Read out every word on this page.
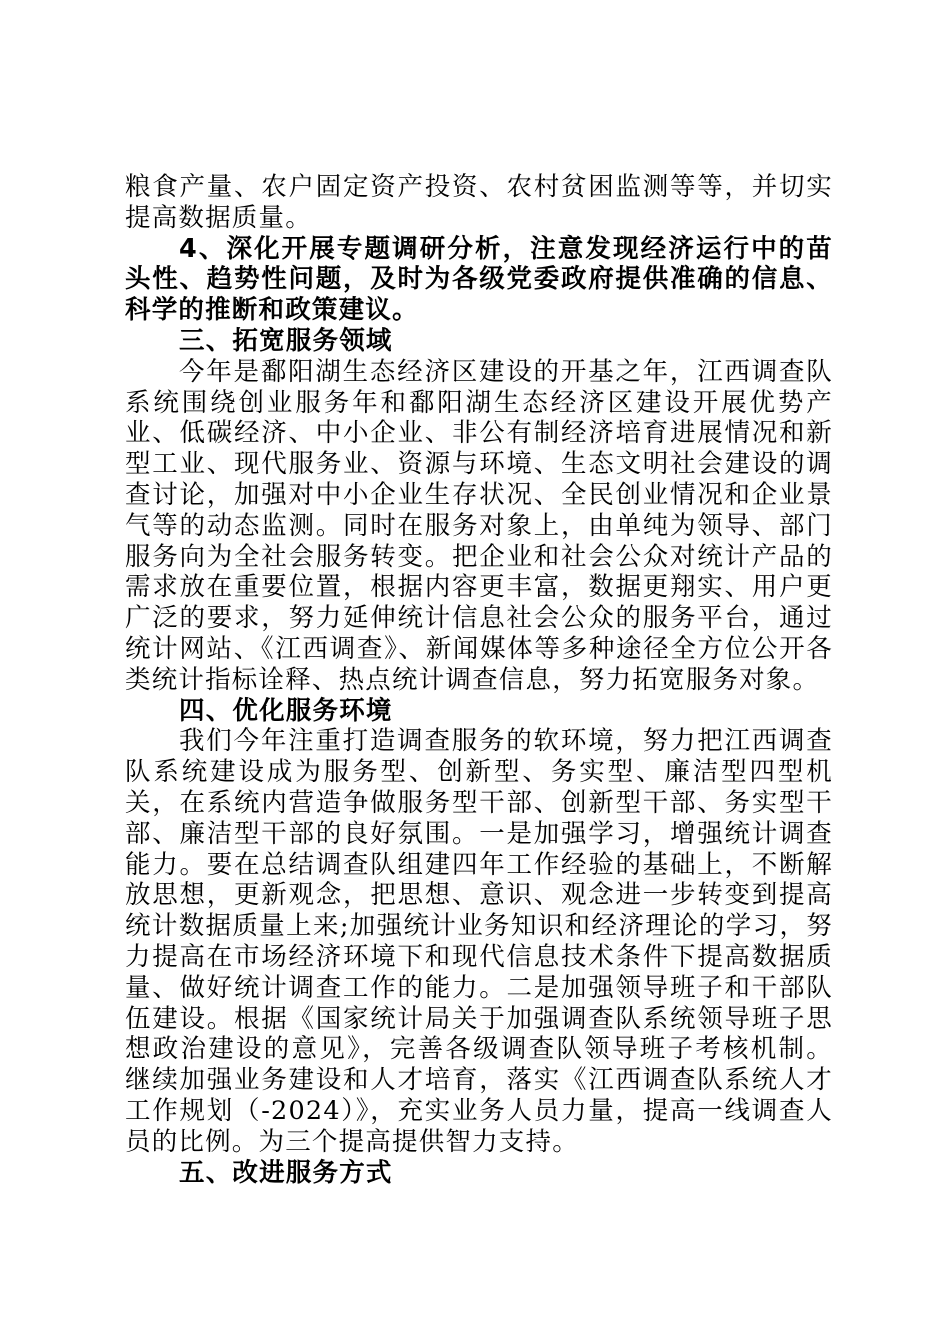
粮食产量、农户固定资产投资、农村贫困监测等等，并切实提高数据质量。

4、深化开展专题调研分析，注意发现经济运行中的苗头性、趋势性问题，及时为各级党委政府提供准确的信息、科学的推断和政策建议。

三、拓宽服务领域

今年是鄱阳湖生态经济区建设的开基之年，江西调查队系统围绕创业服务年和鄱阳湖生态经济区建设开展优势产业、低碳经济、中小企业、非公有制经济培育进展情况和新型工业、现代服务业、资源与环境、生态文明社会建设的调查讨论，加强对中小企业生存状况、全民创业情况和企业景气等的动态监测。同时在服务对象上，由单纯为领导、部门服务向为全社会服务转变。把企业和社会公众对统计产品的需求放在重要位置，根据内容更丰富，数据更翔实、用户更广泛的要求，努力延伸统计信息社会公众的服务平台，通过统计网站、《江西调查》、新闻媒体等多种途径全方位公开各类统计指标诠释、热点统计调查信息，努力拓宽服务对象。

四、优化服务环境

我们今年注重打造调查服务的软环境，努力把江西调查队系统建设成为服务型、创新型、务实型、廉洁型四型机关，在系统内营造争做服务型干部、创新型干部、务实型干部、廉洁型干部的良好氛围。一是加强学习，增强统计调查能力。要在总结调查队组建四年工作经验的基础上，不断解放思想，更新观念，把思想、意识、观念进一步转变到提高统计数据质量上来;加强统计业务知识和经济理论的学习，努力提高在市场经济环境下和现代信息技术条件下提高数据质量、做好统计调查工作的能力。二是加强领导班子和干部队伍建设。根据《国家统计局关于加强调查队系统领导班子思想政治建设的意见》，完善各级调查队领导班子考核机制。继续加强业务建设和人才培育，落实《江西调查队系统人才工作规划（-2024）》，充实业务人员力量，提高一线调查人员的比例。为三个提高提供智力支持。

五、改进服务方式
